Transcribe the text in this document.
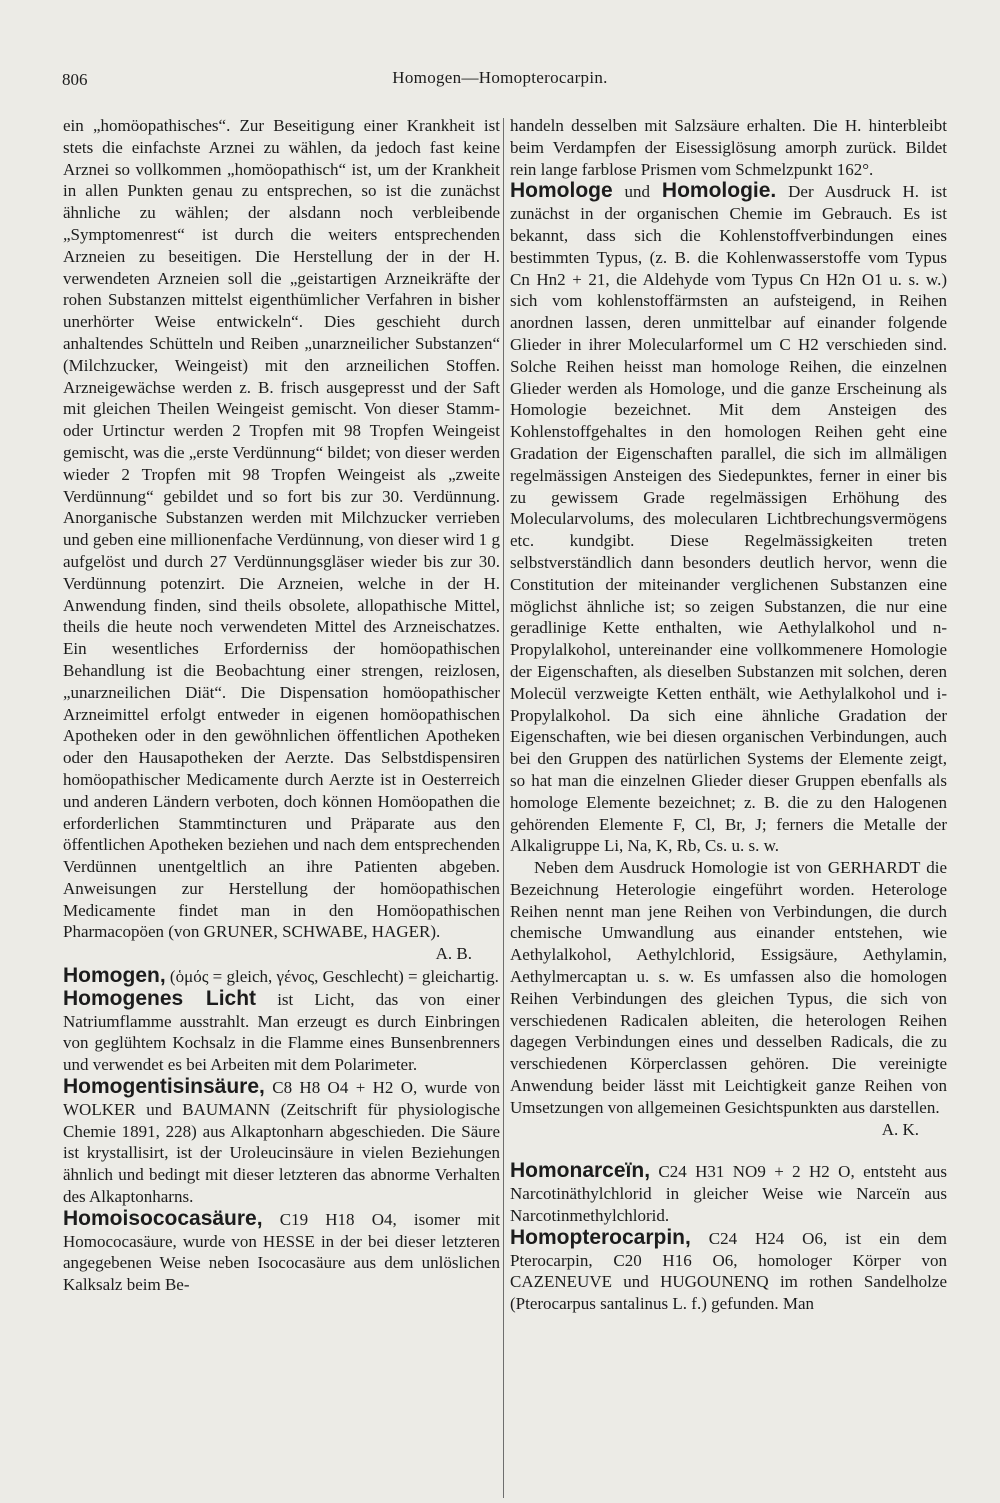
806	Homogen—Homopterocarpin.

ein „homöopathisches“. Zur Beseitigung einer Krankheit ist stets die einfachste Arznei zu wählen, da jedoch fast keine Arznei so vollkommen „homöopathisch“ ist, um der Krankheit in allen Punkten genau zu entsprechen, so ist die zunächst ähnliche zu wählen; der alsdann noch verbleibende „Symptomenrest“ ist durch die weiters entsprechenden Arzneien zu beseitigen. Die Herstellung der in der H. verwendeten Arzneien soll die „geistartigen Arzneikräfte der rohen Substanzen mittelst eigenthümlicher Verfahren in bisher unerhörter Weise entwickeln“. Dies geschieht durch anhaltendes Schütteln und Reiben „unarzneilicher Substanzen“ (Milchzucker, Weingeist) mit den arzneilichen Stoffen. Arzneigewächse werden z. B. frisch ausgepresst und der Saft mit gleichen Theilen Weingeist gemischt. Von dieser Stamm- oder Urtinctur werden 2 Tropfen mit 98 Tropfen Weingeist gemischt, was die „erste Verdünnung“ bildet; von dieser werden wieder 2 Tropfen mit 98 Tropfen Weingeist als „zweite Verdünnung“ gebildet und so fort bis zur 30. Verdünnung. Anorganische Substanzen werden mit Milchzucker verrieben und geben eine millionenfache Verdünnung, von dieser wird 1 g aufgelöst und durch 27 Verdünnungsgläser wieder bis zur 30. Verdünnung potenzirt. Die Arzneien, welche in der H. Anwendung finden, sind theils obsolete, allopathische Mittel, theils die heute noch verwendeten Mittel des Arzneischatzes. Ein wesentliches Erforderniss der homöopathischen Behandlung ist die Beobachtung einer strengen, reizlosen, „unarzneilichen Diät“. Die Dispensation homöopathischer Arzneimittel erfolgt entweder in eigenen homöopathischen Apotheken oder in den gewöhnlichen öffentlichen Apotheken oder den Hausapotheken der Aerzte. Das Selbstdispensiren homöopathischer Medicamente durch Aerzte ist in Oesterreich und anderen Ländern verboten, doch können Homöopathen die erforderlichen Stammtincturen und Präparate aus den öffentlichen Apotheken beziehen und nach dem entsprechenden Verdünnen unentgeltlich an ihre Patienten abgeben. Anweisungen zur Herstellung der homöopathischen Medicamente findet man in den Homöopathischen Pharmacopöen (von GRUNER, SCHWABE, HAGER).

A. B.

Homogen, (ὁμός = gleich, γένος, Geschlecht) = gleichartig.

Homogenes Licht ist Licht, das von einer Natriumflamme ausstrahlt. Man erzeugt es durch Einbringen von geglühtem Kochsalz in die Flamme eines Bunsenbrenners und verwendet es bei Arbeiten mit dem Polarimeter.

Homogentisinsäure, C8 H8 O4 + H2 O, wurde von WOLKER und BAUMANN (Zeitschrift für physiologische Chemie 1891, 228) aus Alkaptonharn abgeschieden. Die Säure ist krystallisirt, ist der Uroleucinsäure in vielen Beziehungen ähnlich und bedingt mit dieser letzteren das abnorme Verhalten des Alkaptonharns.

Homoisococasäure, C19 H18 O4, isomer mit Homococasäure, wurde von HESSE in der bei dieser letzteren angegebenen Weise neben Isococasäure aus dem unlöslichen Kalksalz beim Be-

handeln desselben mit Salzsäure erhalten. Die H. hinterbleibt beim Verdampfen der Eisessiglösung amorph zurück. Bildet rein lange farblose Prismen vom Schmelzpunkt 162°.

Homologe und Homologie. Der Ausdruck H. ist zunächst in der organischen Chemie im Gebrauch. Es ist bekannt, dass sich die Kohlenstoffverbindungen eines bestimmten Typus, (z. B. die Kohlenwasserstoffe vom Typus Cn Hn2 + 21, die Aldehyde vom Typus Cn H2n O1 u. s. w.) sich vom kohlenstoffärmsten an aufsteigend, in Reihen anordnen lassen, deren unmittelbar auf einander folgende Glieder in ihrer Molecularformel um C H2 verschieden sind. Solche Reihen heisst man homologe Reihen, die einzelnen Glieder werden als Homologe, und die ganze Erscheinung als Homologie bezeichnet. Mit dem Ansteigen des Kohlenstoffgehaltes in den homologen Reihen geht eine Gradation der Eigenschaften parallel, die sich im allmäligen regelmässigen Ansteigen des Siedepunktes, ferner in einer bis zu gewissem Grade regelmässigen Erhöhung des Molecularvolums, des molecularen Lichtbrechungsvermögens etc. kundgibt. Diese Regelmässigkeiten treten selbstverständlich dann besonders deutlich hervor, wenn die Constitution der miteinander verglichenen Substanzen eine möglichst ähnliche ist; so zeigen Substanzen, die nur eine geradlinige Kette enthalten, wie Aethylalkohol und n-Propylalkohol, untereinander eine vollkommenere Homologie der Eigenschaften, als dieselben Substanzen mit solchen, deren Molecül verzweigte Ketten enthält, wie Aethylalkohol und i-Propylalkohol. Da sich eine ähnliche Gradation der Eigenschaften, wie bei diesen organischen Verbindungen, auch bei den Gruppen des natürlichen Systems der Elemente zeigt, so hat man die einzelnen Glieder dieser Gruppen ebenfalls als homologe Elemente bezeichnet; z. B. die zu den Halogenen gehörenden Elemente F, Cl, Br, J; ferners die Metalle der Alkaligruppe Li, Na, K, Rb, Cs. u. s. w.

Neben dem Ausdruck Homologie ist von GERHARDT die Bezeichnung Heterologie eingeführt worden. Heterologe Reihen nennt man jene Reihen von Verbindungen, die durch chemische Umwandlung aus einander entstehen, wie Aethylalkohol, Aethylchlorid, Essigsäure, Aethylamin, Aethylmercaptan u. s. w. Es umfassen also die homologen Reihen Verbindungen des gleichen Typus, die sich von verschiedenen Radicalen ableiten, die heterologen Reihen dagegen Verbindungen eines und desselben Radicals, die zu verschiedenen Körperclassen gehören. Die vereinigte Anwendung beider lässt mit Leichtigkeit ganze Reihen von Umsetzungen von allgemeinen Gesichtspunkten aus darstellen.

A. K.

Homonarceïn, C24 H31 NO9 + 2 H2 O, entsteht aus Narcotinäthylchlorid in gleicher Weise wie Narceïn aus Narcotinmethylchlorid.

Homopterocarpin, C24 H24 O6, ist ein dem Pterocarpin, C20 H16 O6, homologer Körper von CAZENEUVE und HUGOUNENQ im rothen Sandelholze (Pterocarpus santalinus L. f.) gefunden. Man
